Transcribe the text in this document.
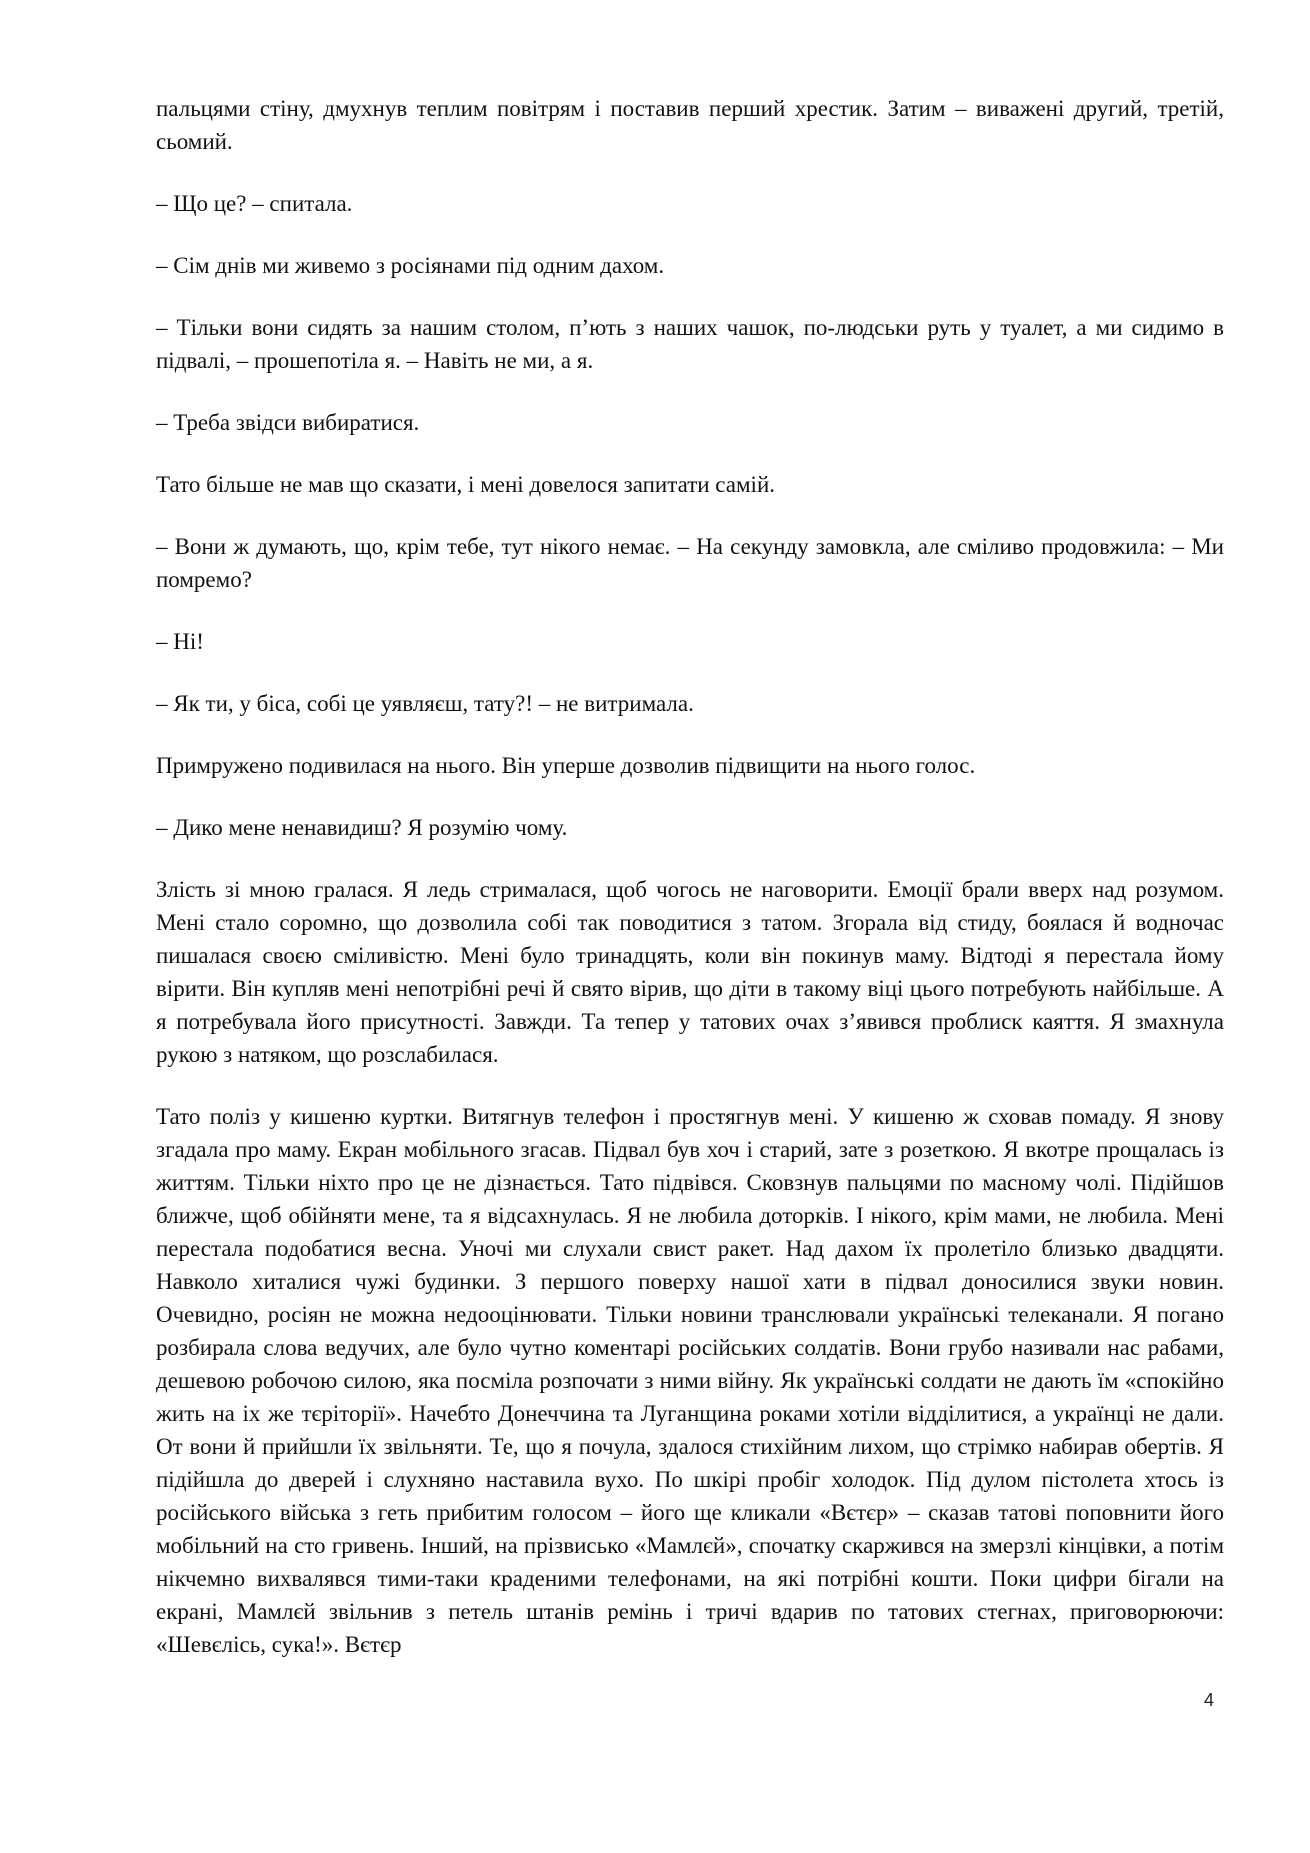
пальцями стіну, дмухнув теплим повітрям і поставив перший хрестик. Затим – виважені другий, третій, сьомий.

– Що це? – спитала.

– Сім днів ми живемо з росіянами під одним дахом.

– Тільки вони сидять за нашим столом, п’ють з наших чашок, по-людськи руть у туалет, а ми сидимо в підвалі, – прошепотіла я. – Навіть не ми, а я.

– Треба звідси вибиратися.

Тато більше не мав що сказати, і мені довелося запитати самій.

– Вони ж думають, що, крім тебе, тут нікого немає. – На секунду замовкла, але сміливо продовжила: – Ми помремо?

– Ні!

– Як ти, у біса, собі це уявляєш, тату?! – не витримала.

Примружено подивилася на нього. Він уперше дозволив підвищити на нього голос.

– Дико мене ненавидиш? Я розумію чому.

Злість зі мною гралася. Я ледь стрималася, щоб чогось не наговорити. Емоції брали вверх над розумом. Мені стало соромно, що дозволила собі так поводитися з татом. Згорала від стиду, боялася й водночас пишалася своєю сміливістю. Мені було тринадцять, коли він покинув маму. Відтоді я перестала йому вірити. Він купляв мені непотрібні речі й свято вірив, що діти в такому віці цього потребують найбільше. А я потребувала його присутності. Завжди. Та тепер у татових очах з’явився проблиск каяття. Я змахнула рукою з натяком, що розслабилася.

Тато поліз у кишеню куртки. Витягнув телефон і простягнув мені. У кишеню ж сховав помаду. Я знову згадала про маму. Екран мобільного згасав. Підвал був хоч і старий, зате з розеткою. Я вкотре прощалась із життям. Тільки ніхто про це не дізнається. Тато підвівся. Сковзнув пальцями по масному чолі. Підійшов ближче, щоб обійняти мене, та я відсахнулась. Я не любила доторків. І нікого, крім мами, не любила. Мені перестала подобатися весна. Уночі ми слухали свист ракет. Над дахом їх пролетіло близько двадцяти. Навколо хиталися чужі будинки. З першого поверху нашої хати в підвал доносилися звуки новин. Очевидно, росіян не можна недооцінювати. Тільки новини транслювали українські телеканали. Я погано розбирала слова ведучих, але було чутно коментарі російських солдатів. Вони грубо називали нас рабами, дешевою робочою силою, яка посміла розпочати з ними війну. Як українські солдати не дають їм «спокійно жить на іх же тєріторії». Начебто Донеччина та Луганщина роками хотіли відділитися, а українці не дали. От вони й прийшли їх звільняти. Те, що я почула, здалося стихійним лихом, що стрімко набирав обертів. Я підійшла до дверей і слухняно наставила вухо. По шкірі пробіг холодок. Під дулом пістолета хтось із російського війська з геть прибитим голосом – його ще кликали «Вєтєр» – сказав татові поповнити його мобільний на сто гривень. Інший, на прізвисько «Мамлєй», спочатку скаржився на змерзлі кінцівки, а потім нікчемно вихвалявся тими-таки краденими телефонами, на які потрібні кошти. Поки цифри бігали на екрані, Мамлєй звільнив з петель штанів ремінь і тричі вдарив по татових стегнах, приговорюючи: «Шевєлісь, сука!». Вєтєр

4
